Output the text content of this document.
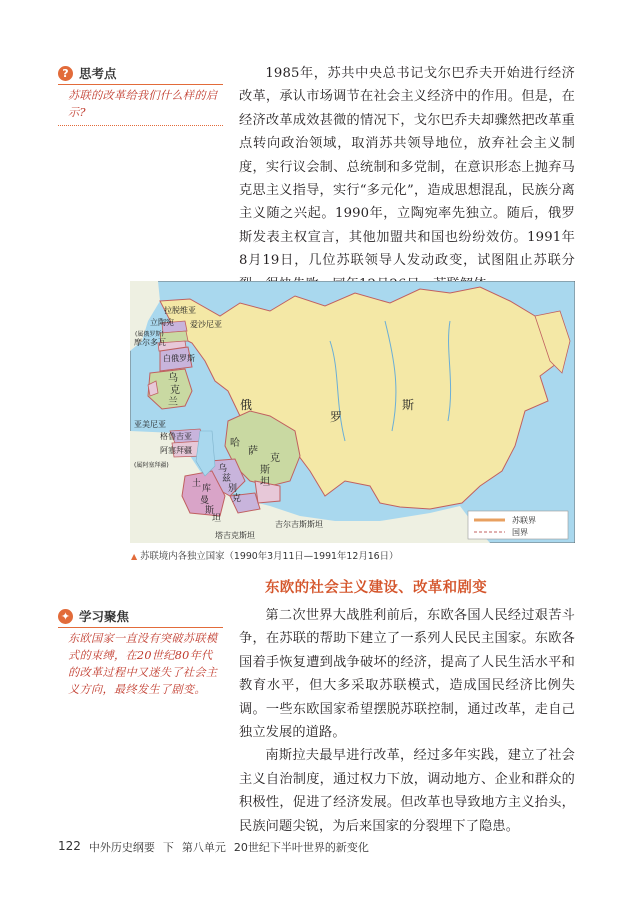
? 思考点
苏联的改革给我们什么样的启示?

1985年，苏共中央总书记戈尔巴乔夫开始进行经济改革，承认市场调节在社会主义经济中的作用。但是，在经济改革成效甚微的情况下，戈尔巴乔夫却骤然把改革重点转向政治领域，取消苏共领导地位，放弃社会主义制度，实行议会制、总统制和多党制，在意识形态上抛弃马克思主义指导，实行“多元化”，造成思想混乱，民族分离主义随之兴起。1990年，立陶宛率先独立。随后，俄罗斯发表主权宣言，其他加盟共和国也纷纷效仿。1991年8月19日，几位苏联领导人发动政变，试图阻止苏联分

拉脱维亚
立陶宛 爱沙尼亚
(属俄罗斯)
摩尔多瓦
白俄罗斯
乌
克
兰
亚美尼亚
格鲁吉亚
阿塞拜疆
(属阿塞拜疆)
俄
罗
斯
哈
萨
克
斯
坦
乌
兹
别
克
土 库
曼
斯
坦
塔吉克斯坦
吉尔吉斯斯坦	苏联界
国界
▲ 苏联境内各独立国家（1990年3月11日—1991年12月16日）
东欧的社会主义建设、改革和剧变
✦ 学习聚焦
东欧国家一直没有突破苏联模式的束缚，在20世纪80年代的改革过程中又迷失了社会主义方向，最终发生了剧变。

第二次世界大战胜利前后，东欧各国人民经过艰苦斗争，在苏联的帮助下建立了一系列人民民主国家。东欧各国着手恢复遭到战争破坏的经济，提高了人民生活水平和教育水平，但大多采取苏联模式，造成国民经济比例失调。一些东欧国家希望摆脱苏联控制，通过改革，走自己独立发展的道路。

南斯拉夫最早进行改革，经过多年实践，建立了社会主义自治制度，通过权力下放，调动地方、企业和群众的积极性，促进了经济发展。但改革也导致地方主义抬头，民族问题尖锐，为后来国家的分裂埋下了隐患。

122 中外历史纲要 下 第八单元 20世纪下半叶世界的新变化
